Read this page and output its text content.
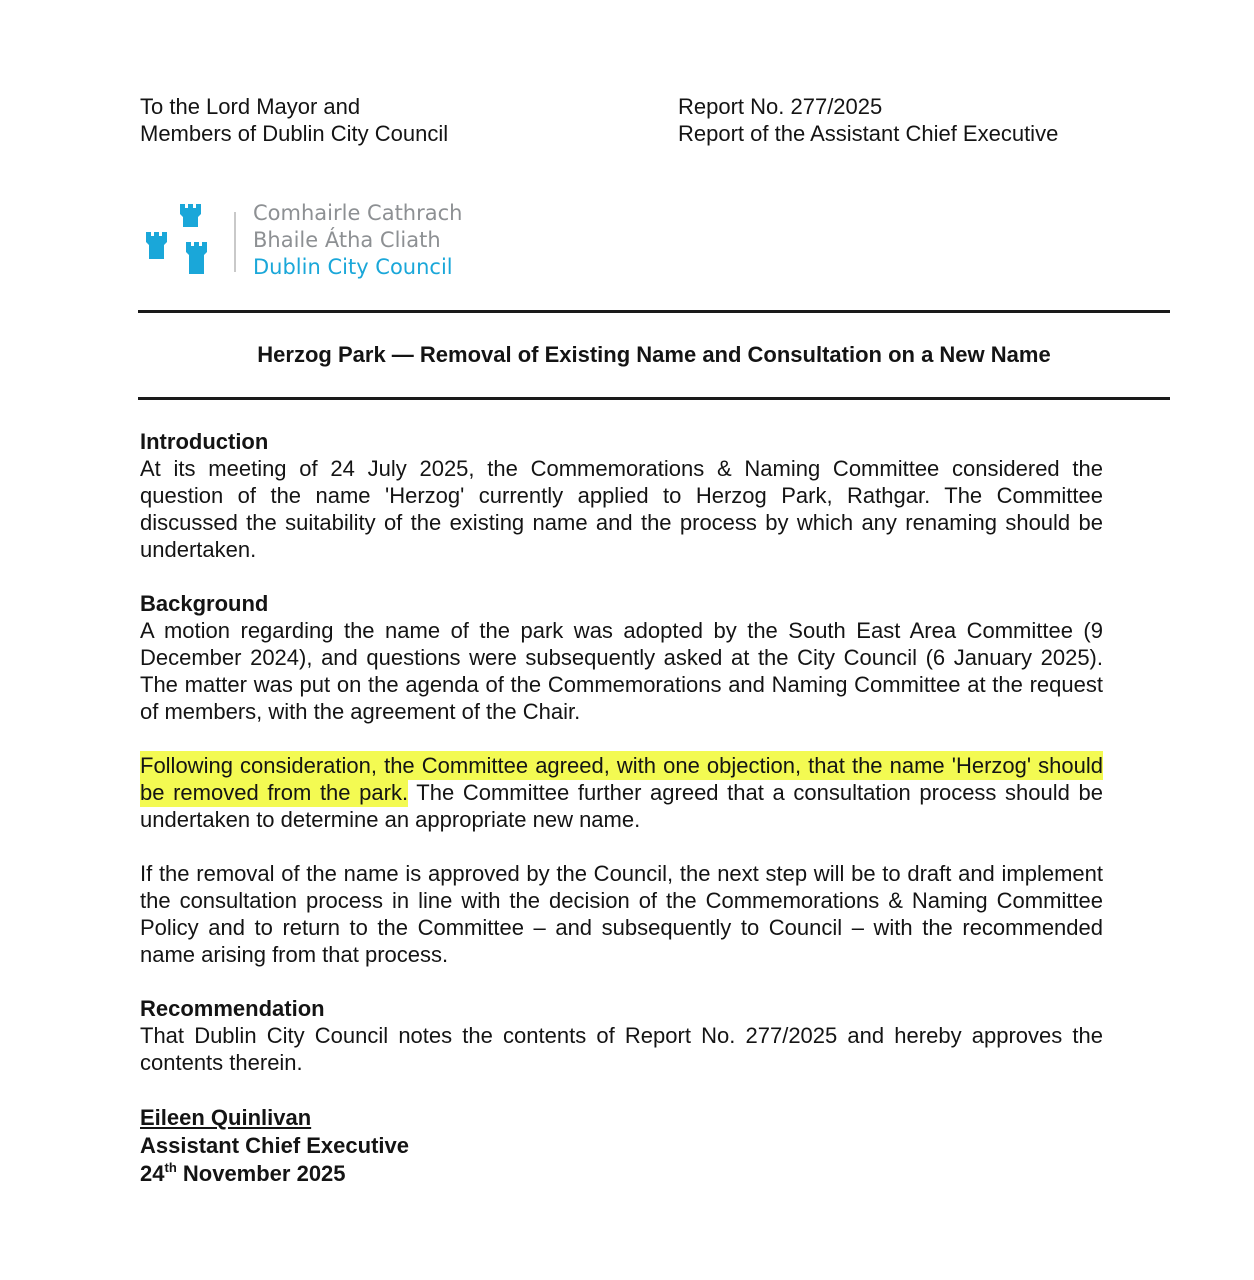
To the Lord Mayor and
Members of Dublin City Council
Report No. 277/2025
Report of the Assistant Chief Executive
Comhairle Cathrach
Bhaile Átha Cliath
Dublin City Council
Herzog Park — Removal of Existing Name and Consultation on a New Name
Introduction

At its meeting of 24 July 2025, the Commemorations & Naming Committee considered the question of the name 'Herzog' currently applied to Herzog Park, Rathgar. The Committee discussed the suitability of the existing name and the process by which any renaming should be undertaken.

Background

A motion regarding the name of the park was adopted by the South East Area Committee (9 December 2024), and questions were subsequently asked at the City Council (6 January 2025). The matter was put on the agenda of the Commemorations and Naming Committee at the request of members, with the agreement of the Chair.

Following consideration, the Committee agreed, with one objection, that the name 'Herzog' should be removed from the park. The Committee further agreed that a consultation process should be undertaken to determine an appropriate new name.

If the removal of the name is approved by the Council, the next step will be to draft and implement the consultation process in line with the decision of the Commemorations & Naming Committee Policy and to return to the Committee – and subsequently to Council – with the recommended name arising from that process.

Recommendation

That Dublin City Council notes the contents of Report No. 277/2025 and hereby approves the contents therein.

Eileen Quinlivan
Assistant Chief Executive
24th November 2025
